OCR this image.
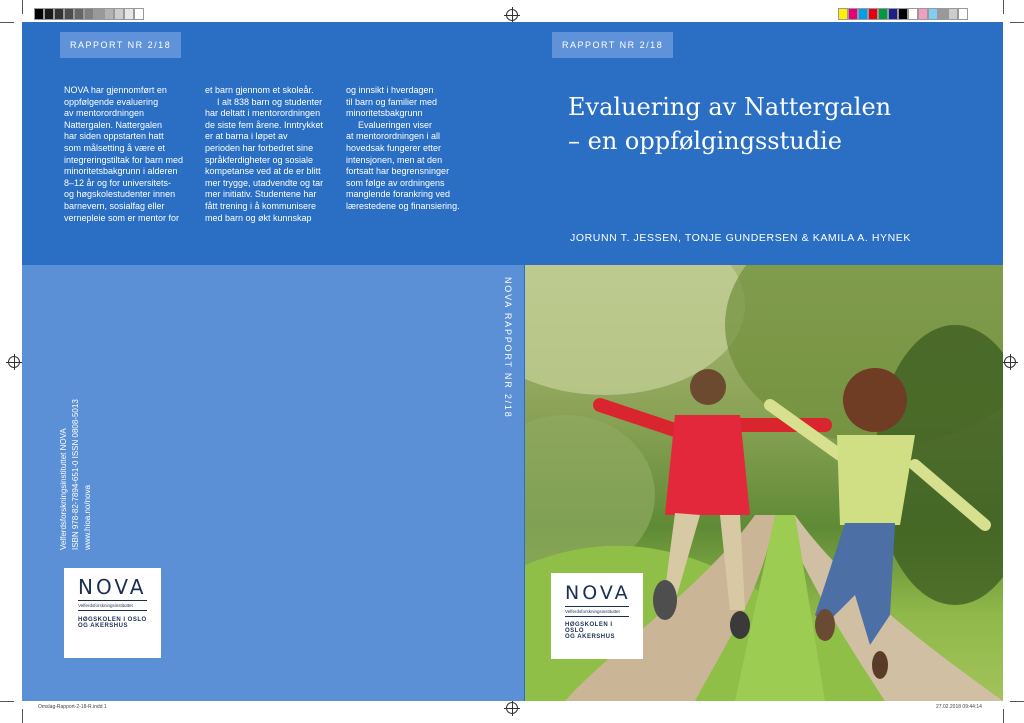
RAPPORT NR 2/18	RAPPORT NR 2/18

NOVA har gjennomført en

oppfølgende evaluering

av mentorordningen

Nattergalen. Nattergalen

har siden oppstarten hatt

som målsetting å være et

integreringstiltak for barn med

minoritetsbakgrunn i alderen

8–12 år og for universitets-

og høgskolestudenter innen

barnevern, sosialfag eller

vernepleie som er mentor for

et barn gjennom et skoleår.

I alt 838 barn og studenter

har deltatt i mentorordningen

de siste fem årene. Inntrykket

er at barna i løpet av

perioden har forbedret sine

språkferdigheter og sosiale

kompetanse ved at de er blitt

mer trygge, utadvendte og tar

mer initiativ. Studentene har

fått trening i å kommunisere

med barn og økt kunnskap

og innsikt i hverdagen

til barn og familier med

minoritetsbakgrunn

Evalueringen viser

at mentorordningen i all

hovedsak fungerer etter

intensjonen, men at den

fortsatt har begrensninger

som følge av ordningens

manglende forankring ved

lærestedene og finansiering.

Evaluering av Nattergalen
– en oppfølgingsstudie
JORUNN T. JESSEN, TONJE GUNDERSEN & KAMILA A. HYNEK
NOVA RAPPORT NR 2/18
Velferdsforskningsinstituttet NOVA ISBN 978-82-7894-651-0 ISSN 0808-5013 www.hioa.no/nova
NOVA
Velferdsforskningsinstituttet
HØGSKOLEN I OSLO
OG AKERSHUS
NOVA
Velferdsforskningsinstituttet
HØGSKOLEN I OSLO
OG AKERSHUS
Omslag-Rapport-2-18-R.indd 1	27.02.2018 09:44:14
